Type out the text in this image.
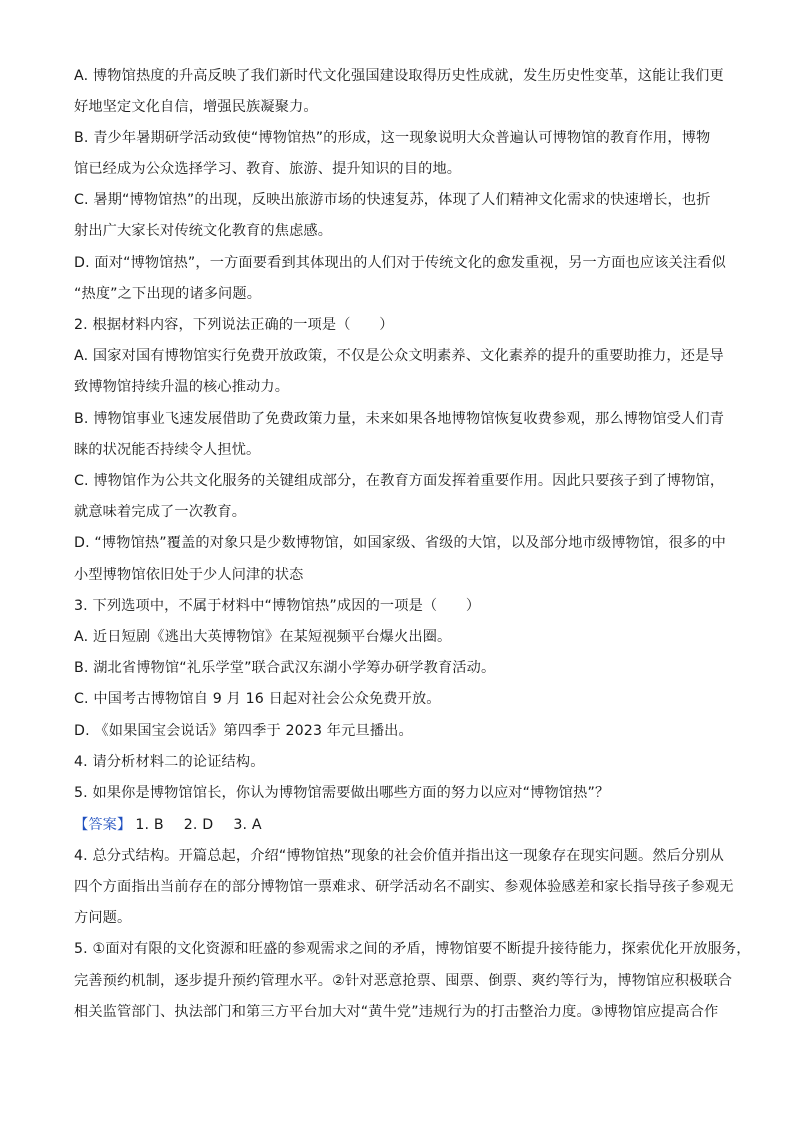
A. 博物馆热度的升高反映了我们新时代文化强国建设取得历史性成就，发生历史性变革，这能让我们更
好地坚定文化自信，增强民族凝聚力。
B. 青少年暑期研学活动致使“博物馆热”的形成，这一现象说明大众普遍认可博物馆的教育作用，博物
馆已经成为公众选择学习、教育、旅游、提升知识的目的地。
C. 暑期“博物馆热”的出现，反映出旅游市场的快速复苏，体现了人们精神文化需求的快速增长，也折
射出广大家长对传统文化教育的焦虑感。
D. 面对“博物馆热”，一方面要看到其体现出的人们对于传统文化的愈发重视，另一方面也应该关注看似
“热度”之下出现的诸多问题。
2. 根据材料内容，下列说法正确的一项是（　　）
A. 国家对国有博物馆实行免费开放政策，不仅是公众文明素养、文化素养的提升的重要助推力，还是导
致博物馆持续升温的核心推动力。
B. 博物馆事业飞速发展借助了免费政策力量，未来如果各地博物馆恢复收费参观，那么博物馆受人们青
睐的状况能否持续令人担忧。
C. 博物馆作为公共文化服务的关键组成部分，在教育方面发挥着重要作用。因此只要孩子到了博物馆，
就意味着完成了一次教育。
D. “博物馆热”覆盖的对象只是少数博物馆，如国家级、省级的大馆，以及部分地市级博物馆，很多的中
小型博物馆依旧处于少人问津的状态
3. 下列选项中，不属于材料中“博物馆热”成因的一项是（　　）
A. 近日短剧《逃出大英博物馆》在某短视频平台爆火出圈。
B. 湖北省博物馆“礼乐学堂”联合武汉东湖小学筹办研学教育活动。
C. 中国考古博物馆自 9 月 16 日起对社会公众免费开放。
D. 《如果国宝会说话》第四季于 2023 年元旦播出。
4. 请分析材料二的论证结构。
5. 如果你是博物馆馆长，你认为博物馆需要做出哪些方面的努力以应对“博物馆热”？
【答案】 1. B 2. D 3. A
4. 总分式结构。开篇总起，介绍“博物馆热”现象的社会价值并指出这一现象存在现实问题。然后分别从
四个方面指出当前存在的部分博物馆一票难求、研学活动名不副实、参观体验感差和家长指导孩子参观无
方问题。
5. ①面对有限的文化资源和旺盛的参观需求之间的矛盾，博物馆要不断提升接待能力，探索优化开放服务，
完善预约机制，逐步提升预约管理水平。②针对恶意抢票、囤票、倒票、爽约等行为，博物馆应积极联合
相关监管部门、执法部门和第三方平台加大对“黄牛党”违规行为的打击整治力度。③博物馆应提高合作
